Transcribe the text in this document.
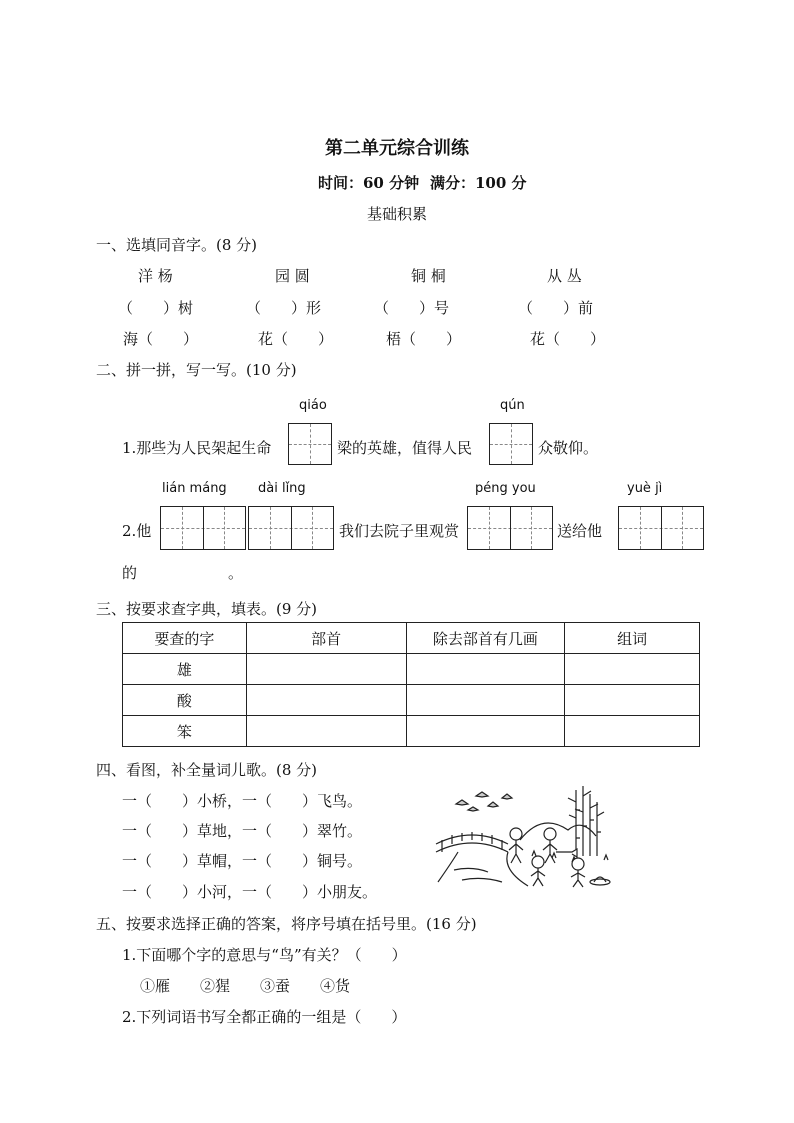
第二单元综合训练
时间：60 分钟 满分：100 分
基础积累
一、选填同音字。(8 分)
洋 杨	园 圆	铜 桐	从 丛
（　　）树	（　　）形	（　　）号	（　　）前
海（　　）	花（　　）	梧（　　）	花（　　）
二、拼一拼，写一写。(10 分)
qiáo	qún
1.那些为人民架起生命	梁的英雄，值得人民	众敬仰。
lián máng dài lǐng	péng you	yuè jì
2.他	我们去院子里观赏	送给他
的	。
三、按要求查字典，填表。(9 分)
要查的字	部首	除去部首有几画	组词
雄			
酸			
笨			
四、看图，补全量词儿歌。(8 分)
一（　　）小桥，一（　　）飞鸟。
一（　　）草地，一（　　）翠竹。
一（　　）草帽，一（　　）铜号。
一（　　）小河，一（　　）小朋友。
五、按要求选择正确的答案，将序号填在括号里。(16 分)
1.下面哪个字的意思与“鸟”有关？（　　）
①雁　　②猩　　③蚕　　④货
2.下列词语书写全都正确的一组是（　　）
